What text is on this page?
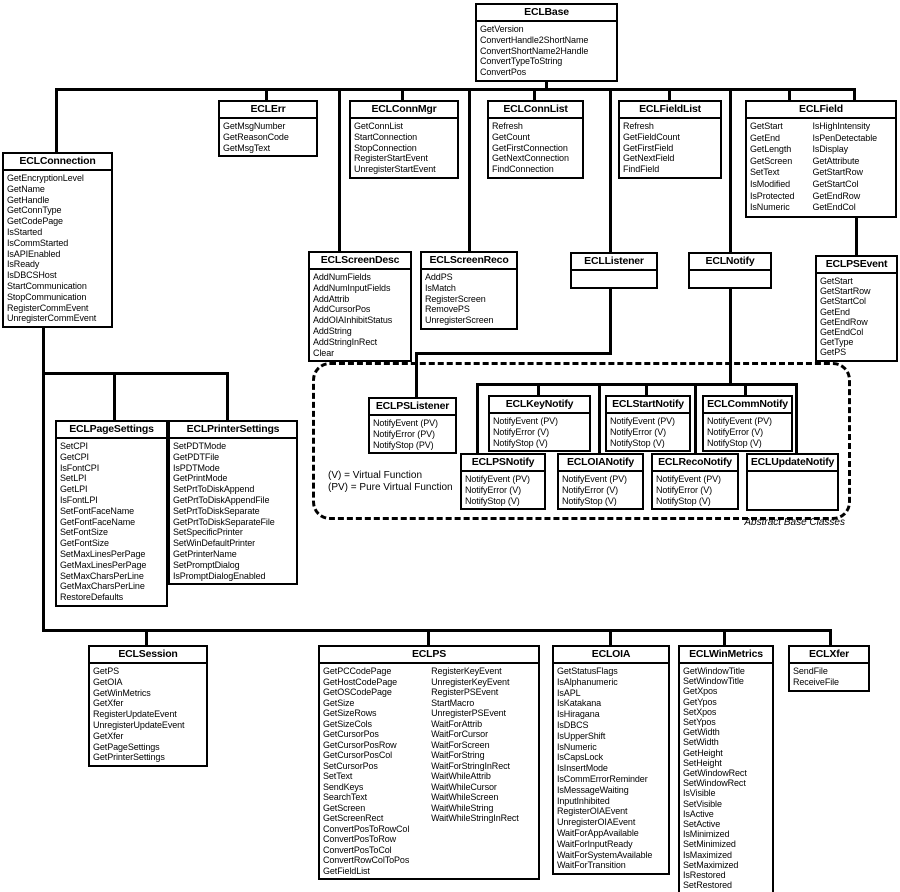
(V) = Virtual Function
(PV) = Pure Virtual Function
Abstract Base Classes
ECLBase
GetVersion
ConvertHandle2ShortName
ConvertShortName2Handle
ConvertTypeToString
ConvertPos
ECLErr
GetMsgNumber
GetReasonCode
GetMsgText
ECLConnMgr
GetConnList
StartConnection
StopConnection
RegisterStartEvent
UnregisterStartEvent
ECLConnList
Refresh
GetCount
GetFirstConnection
GetNextConnection
FindConnection
ECLFieldList
Refresh
GetFieldCount
GetFirstField
GetNextField
FindField
ECLField
GetStart
GetEnd
GetLength
GetScreen
SetText
IsModified
IsProtected
IsNumeric
IsHighIntensity
IsPenDetectable
IsDisplay
GetAttribute
GetStartRow
GetStartCol
GetEndRow
GetEndCol
ECLConnection
GetEncryptionLevel
GetName
GetHandle
GetConnType
GetCodePage
IsStarted
IsCommStarted
IsAPIEnabled
IsReady
IsDBCSHost
StartCommunication
StopCommunication
RegisterCommEvent
UnregisterCommEvent
ECLScreenDesc
AddNumFields
AddNumInputFields
AddAttrib
AddCursorPos
AddOIAInhibitStatus
AddString
AddStringInRect
Clear
ECLScreenReco
AddPS
IsMatch
RegisterScreen
RemovePS
UnregisterScreen
ECLListener	ECLNotify	ECLPSEvent
GetStart
GetStartRow
GetStartCol
GetEnd
GetEndRow
GetEndCol
GetType
GetPS
ECLPageSettings
SetCPI
GetCPI
IsFontCPI
SetLPI
GetLPI
IsFontLPI
SetFontFaceName
GetFontFaceName
SetFontSize
GetFontSize
SetMaxLinesPerPage
GetMaxLinesPerPage
SetMaxCharsPerLine
GetMaxCharsPerLine
RestoreDefaults
ECLPrinterSettings
SetPDTMode
GetPDTFile
IsPDTMode
GetPrintMode
SetPrtToDiskAppend
GetPrtToDiskAppendFile
SetPrtToDiskSeparate
GetPrtToDiskSeparateFile
SetSpecificPrinter
SetWinDefaultPrinter
GetPrinterName
SetPromptDialog
IsPromptDialogEnabled
ECLPSListener
NotifyEvent (PV)
NotifyError (PV)
NotifyStop (PV)
ECLKeyNotify
NotifyEvent (PV)
NotifyError (V)
NotifyStop (V)
ECLStartNotify
NotifyEvent (PV)
NotifyError (V)
NotifyStop (V)
ECLCommNotify
NotifyEvent (PV)
NotifyError (V)
NotifyStop (V)
ECLPSNotify
NotifyEvent (PV)
NotifyError (V)
NotifyStop (V)
ECLOIANotify
NotifyEvent (PV)
NotifyError (V)
NotifyStop (V)
ECLRecoNotify
NotifyEvent (PV)
NotifyError (V)
NotifyStop (V)
ECLUpdateNotify
ECLSession
GetPS
GetOIA
GetWinMetrics
GetXfer
RegisterUpdateEvent
UnregisterUpdateEvent
GetXfer
GetPageSettings
GetPrinterSettings
ECLPS
GetPCCodePage
GetHostCodePage
GetOSCodePage
GetSize
GetSizeRows
GetSizeCols
GetCursorPos
GetCursorPosRow
GetCursorPosCol
SetCursorPos
SetText
SendKeys
SearchText
GetScreen
GetScreenRect
ConvertPosToRowCol
ConvertPosToRow
ConvertPosToCol
ConvertRowColToPos
GetFieldList
RegisterKeyEvent
UnregisterKeyEvent
RegisterPSEvent
StartMacro
UnregisterPSEvent
WaitForAttrib
WaitForCursor
WaitForScreen
WaitForString
WaitForStringInRect
WaitWhileAttrib
WaitWhileCursor
WaitWhileScreen
WaitWhileString
WaitWhileStringInRect
ECLOIA
GetStatusFlags
IsAlphanumeric
IsAPL
IsKatakana
IsHiragana
IsDBCS
IsUpperShift
IsNumeric
IsCapsLock
IsInsertMode
IsCommErrorReminder
IsMessageWaiting
InputInhibited
RegisterOIAEvent
UnregisterOIAEvent
WaitForAppAvailable
WaitForInputReady
WaitForSystemAvailable
WaitForTransition
ECLWinMetrics
GetWindowTitle
SetWindowTitle
GetXpos
GetYpos
SetXpos
SetYpos
GetWidth
SetWidth
GetHeight
SetHeight
GetWindowRect
SetWindowRect
IsVisible
SetVisible
IsActive
SetActive
IsMinimized
SetMinimized
IsMaximized
SetMaximized
IsRestored
SetRestored
ECLXfer
SendFile
ReceiveFile
